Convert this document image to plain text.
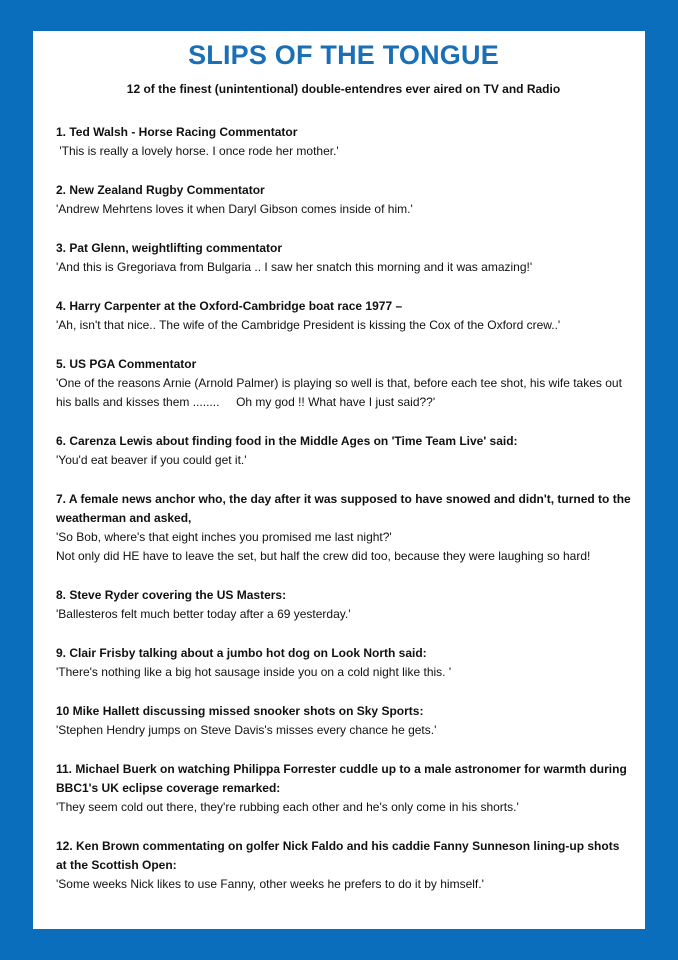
SLIPS OF THE TONGUE

12 of the finest (unintentional) double-entendres ever aired on TV and Radio

1. Ted Walsh - Horse Racing Commentator

'This is really a lovely horse. I once rode her mother.'

2. New Zealand Rugby Commentator

'Andrew Mehrtens loves it when Daryl Gibson comes inside of him.'

3. Pat Glenn, weightlifting commentator

'And this is Gregoriava from Bulgaria .. I saw her snatch this morning and it was amazing!'

4. Harry Carpenter at the Oxford-Cambridge boat race 1977 –

'Ah, isn't that nice.. The wife of the Cambridge President is kissing the Cox of the Oxford crew..'

5. US PGA Commentator

'One of the reasons Arnie (Arnold Palmer) is playing so well is that, before each tee shot, his wife takes out his balls and kisses them ........     Oh my god !! What have I just said??'

6. Carenza Lewis about finding food in the Middle Ages on 'Time Team Live' said:

'You'd eat beaver if you could get it.'

7. A female news anchor who, the day after it was supposed to have snowed and didn't, turned to the weatherman and asked,

'So Bob, where's that eight inches you promised me last night?'

Not only did HE have to leave the set, but half the crew did too, because they were laughing so hard!

8. Steve Ryder covering the US Masters:

'Ballesteros felt much better today after a 69 yesterday.'

9. Clair Frisby talking about a jumbo hot dog on Look North said:

'There's nothing like a big hot sausage inside you on a cold night like this. '

10 Mike Hallett discussing missed snooker shots on Sky Sports:

'Stephen Hendry jumps on Steve Davis's misses every chance he gets.'

11. Michael Buerk on watching Philippa Forrester cuddle up to a male astronomer for warmth during BBC1's UK eclipse coverage remarked:

'They seem cold out there, they're rubbing each other and he's only come in his shorts.'

12. Ken Brown commentating on golfer Nick Faldo and his caddie Fanny Sunneson lining-up shots at the Scottish Open:

'Some weeks Nick likes to use Fanny, other weeks he prefers to do it by himself.'
